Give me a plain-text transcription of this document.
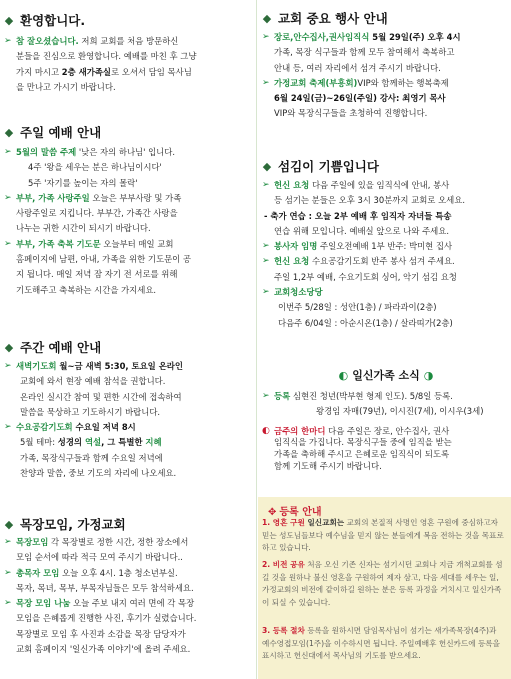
◆ 환영합니다.
➢ 참 잘오셨습니다. 저희 교회를 처음 방문하신
분들을 진심으로 환영합니다. 예배를 마친 후 그냥
가지 마시고 2층 새가족실로 오셔서 담임 목사님
을 만나고 가시기 바랍니다.
◆ 주일 예배 안내
➢ 5월의 말씀 주제 '낮은 자의 하나님' 입니다.
4주 '왕을 세우는 분은 하나님이시다'
5주 '자기를 높이는 자의 몰락'
➢ 부부, 가족 사랑주일 오늘은 부부사랑 및 가족
사랑주일로 지킵니다. 부부간, 가족간 사랑을
나누는 귀한 시간이 되시기 바랍니다.
➢ 부부, 가족 축복 기도문 오늘부터 매일 교회
홈페이지에 남편, 아내, 가족을 위한 기도문이 공
지 됩니다. 매일 저녁 잠 자기 전 서로를 위해
기도해주고 축복하는 시간을 가지세요.
◆ 주간 예배 안내
➢ 새벽기도회 월~금 새벽 5:30, 토요일 온라인
교회에 와서 현장 예배 참석을 권합니다.
온라인 실시간 참여 및 편한 시간에 접속하여
말씀을 묵상하고 기도하시기 바랍니다.
➢ 수요공감기도회 수요일 저녁 8시
5월 테마: 성경의 역설, 그 특별한 지혜
가족, 목장식구들과 함께 수요일 저녁에
찬양과 말씀, 중보 기도의 자리에 나오세요.
◆ 목장모임, 가정교회
➢ 목장모임 각 목장별로 정한 시간, 정한 장소에서
모임 순서에 따라 적극 모여 주시기 바랍니다..
➢ 총목자 모임 오늘 오후 4시. 1층 청소년부실.
목자, 목녀, 목부, 부목자님들은 모두 참석하세요.
➢ 목장 모임 나눔 오늘 주보 내지 여러 면에 각 목장
모임을 은혜롭게 진행한 사진, 후기가 실렸습니다.
목장별로 모임 후 사진과 소감을 목장 담당자가
교회 홈페이지 '일신가족 이야기'에 올려 주세요.
◆ 교회 중요 행사 안내
➢ 장로,안수집사,권사임직식 5월 29일(주) 오후 4시
가족, 목장 식구들과 함께 모두 참여해서 축복하고
안내 등, 여러 자리에서 섬겨 주시기 바랍니다.
➢ 가정교회 축제(부흥회)VIP와 함께하는 행복축제
6월 24일(금)~26일(주일) 강사: 최영기 목사
VIP와 목장식구들을 초청하여 진행합니다.
◆ 섬김이 기쁨입니다
➢ 헌신 요청 다음 주일에 있을 임직식에 안내, 봉사
등 섬기는 분들은 오후 3시 30분까지 교회로 오세요.
- 축가 연습 : 오늘 2부 예배 후 임직자 자녀들 특송
연습 위해 모입니다. 예배실 앞으로 나와 주세요.
➢ 봉사자 임명 주일오전예배 1부 반주: 박미현 집사
➢ 헌신 요청 수요공감기도회 반주 봉사 섬겨 주세요.
주일 1,2부 예배, 수요기도회 싱어, 악기 섬김 요청
➢ 교회청소당당
이번주 5/28일 : 성안(1층) / 파라과이(2층)
다음주 6/04일 : 아순시온(1층) / 살라띠가(2층)
◐ 일신가족 소식 ◑
➢ 등록 심현진 청년(박부현 형제 인도). 5/8일 등록.
왕경임 자매(79년), 이시진(7세), 이시우(3세)
◐ 금주의 한마디 다음 주일은 장로, 안수집사, 권사
임직식을 가집니다. 목장식구들 중에 임직을 받는
가족을 축하해 주시고 은혜로운 임직식이 되도록
함께 기도해 주시기 바랍니다.
✥ 등록 안내
1. 영혼 구원 일신교회는 교회의 본질적 사명인 영혼 구원에 중심하고자 믿는 성도님들보다 예수님을 믿지 않는 분들에게 복음 전하는 것을 목표로 하고 있습니다.
2. 비전 공유 처음 오신 기존 신자는 섬기시던 교회나 지금 개척교회를 섬길 것을 원하나 불신 영혼을 구원하여 제자 삼고, 다음 세대를 세우는 일, 가정교회의 비전에 같이하길 원하는 분은 등록 과정을 거치시고 일신가족이 되실 수 있습니다.
3. 등록 절차 등록을 원하시면 담임목사님이 섬기는 새가족목장(4주)과 예수영접모임(1주)을 이수하시면 됩니다. 주일예배후 헌신카드에 등록을 표시하고 헌신대에서 목사님의 기도를 받으세요.
